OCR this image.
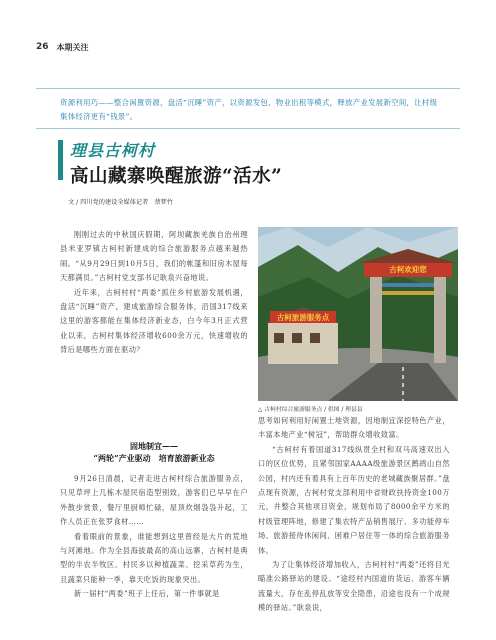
26 本期关注
资源利用巧——整合闲置资源，盘活“沉睡”资产，以资源发包、物业出租等模式，释放产业发展新空间，让村级集体经济更有“钱景”。
理县古柯村
高山藏寨唤醒旅游“活水”
文 / 四川党的建设全媒体记者　蔡梦竹

刚刚过去的中秋国庆假期，阿坝藏族羌族自治州理县米亚罗镇古柯村新建成的综合旅游服务点越来越热闹。“从9月29日到10月5日，我们的帐篷和旧房木屋每天都满员。”古柯村党支部书记耿泉兴奋地说。

近年来，古柯村村“两委”抓住乡村旅游发展机遇，盘活“沉睡”资产，建成旅游综合服务体，沿国317线来这里的游客都能在集体经济新业态，白今年3月正式营业以来，古柯村集体经济增收600余万元，快速增收的背后是哪些方面在驱动？

固地制宜——
“两轮”产业驱动　培育旅游新业态

9月26日清晨，记者走进古柯村综合旅游服务点，只见草坪上几栋木屋民宿造型别致，游客们已早早在户外散步赏景，餐厅里厨师忙碌，屋顶炊烟袅袅升起，工作人员正在张罗食材……

看着眼前的景象，谁能想到这里曾经是大片的荒地与河滩地。作为全县海拔最高的高山远寨，古柯村是典型的半农半牧区。村民多以种植蔬菜、挖采草药为生，且蔬菜只能种一季，靠天吃饭的现象突出。

新一届村“两委”班子上任后，第一件事就是

古柯旅游服务点
古柯欢迎您
△ 古柯村综合旅游服务点 / 供图 / 理县县

思考如何利用好闲置土地资源，因地制宜深挖特色产业，丰富本地产业“树冠”，帮助群众增收致富。

“古柯村有着国道317线纵贯全村和双马高速双出入口的区位优势，且紧邻国家AAAA级旅游景区鹧鸪山自然公园，村内还有着具有上百年历史的老城藏族聚居群。”盘点现有资源，古柯村党支部利用中省财政扶持资金100万元，并整合其他项目资金，规划布局了8000余平方米的村级管理阵地，修建了集农特产品销售展厅、多功能停车场、旅游接待休闲间、困难户居住等一体的综合旅游服务体。

为了让集体经济增加收入，古柯村村“两委”还将目光瞄准公路驿站的建设。“途经村内国道的货运、游客车辆流量大，存在乱停乱放等安全隐患，沿途也没有一个成规模的驿站。”耿泉说，
